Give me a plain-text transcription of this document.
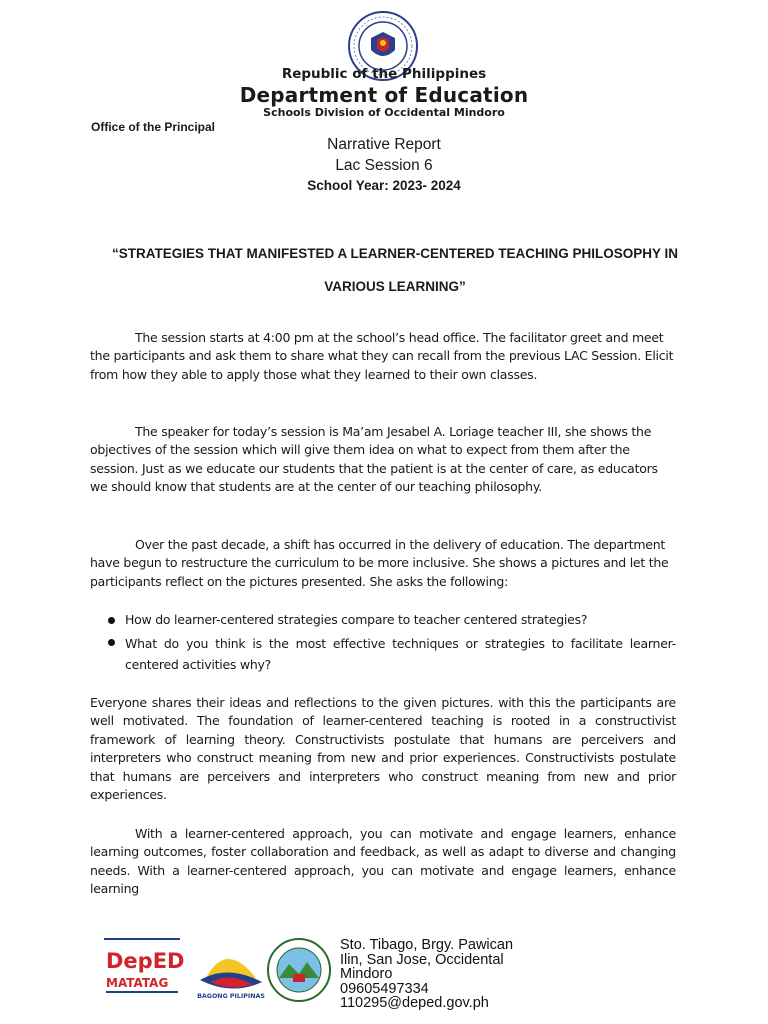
Republic of the Philippines
Department of Education
Schools Division of Occidental Mindoro
Office of the Principal
Narrative Report
Lac Session 6
School Year: 2023- 2024
“STRATEGIES THAT MANIFESTED A LEARNER-CENTERED TEACHING PHILOSOPHY IN
VARIOUS LEARNING”

The session starts at 4:00 pm at the school’s head office. The facilitator greet and meet the participants and ask them to share what they can recall from the previous LAC Session. Elicit from how they able to apply those what they learned to their own classes.

The speaker for today’s session is Ma’am Jesabel A. Loriage teacher III, she shows the objectives of the session which will give them idea on what to expect from them after the session. Just as we educate our students that the patient is at the center of care, as educators we should know that students are at the center of our teaching philosophy.

Over the past decade, a shift has occurred in the delivery of education. The department have begun to restructure the curriculum to be more inclusive. She shows a pictures and let the participants reflect on the pictures presented. She asks the following:

How do learner-centered strategies compare to teacher centered strategies?
What do you think is the most effective techniques or strategies to facilitate learner-centered activities why?

Everyone shares their ideas and reflections to the given pictures. with this the participants are well motivated. The foundation of learner-centered teaching is rooted in a constructivist framework of learning theory. Constructivists postulate that humans are perceivers and interpreters who construct meaning from new and prior experiences. Constructivists postulate that humans are perceivers and interpreters who construct meaning from new and prior experiences.

With a learner-centered approach, you can motivate and engage learners, enhance learning outcomes, foster collaboration and feedback, as well as adapt to diverse and changing needs. With a learner-centered approach, you can motivate and engage learners, enhance learning

DepED
MATATAG
BAGONG PILIPINAS
Sto. Tibago, Brgy. Pawican
Ilin, San Jose, Occidental
Mindoro
09605497334
110295@deped.gov.ph
